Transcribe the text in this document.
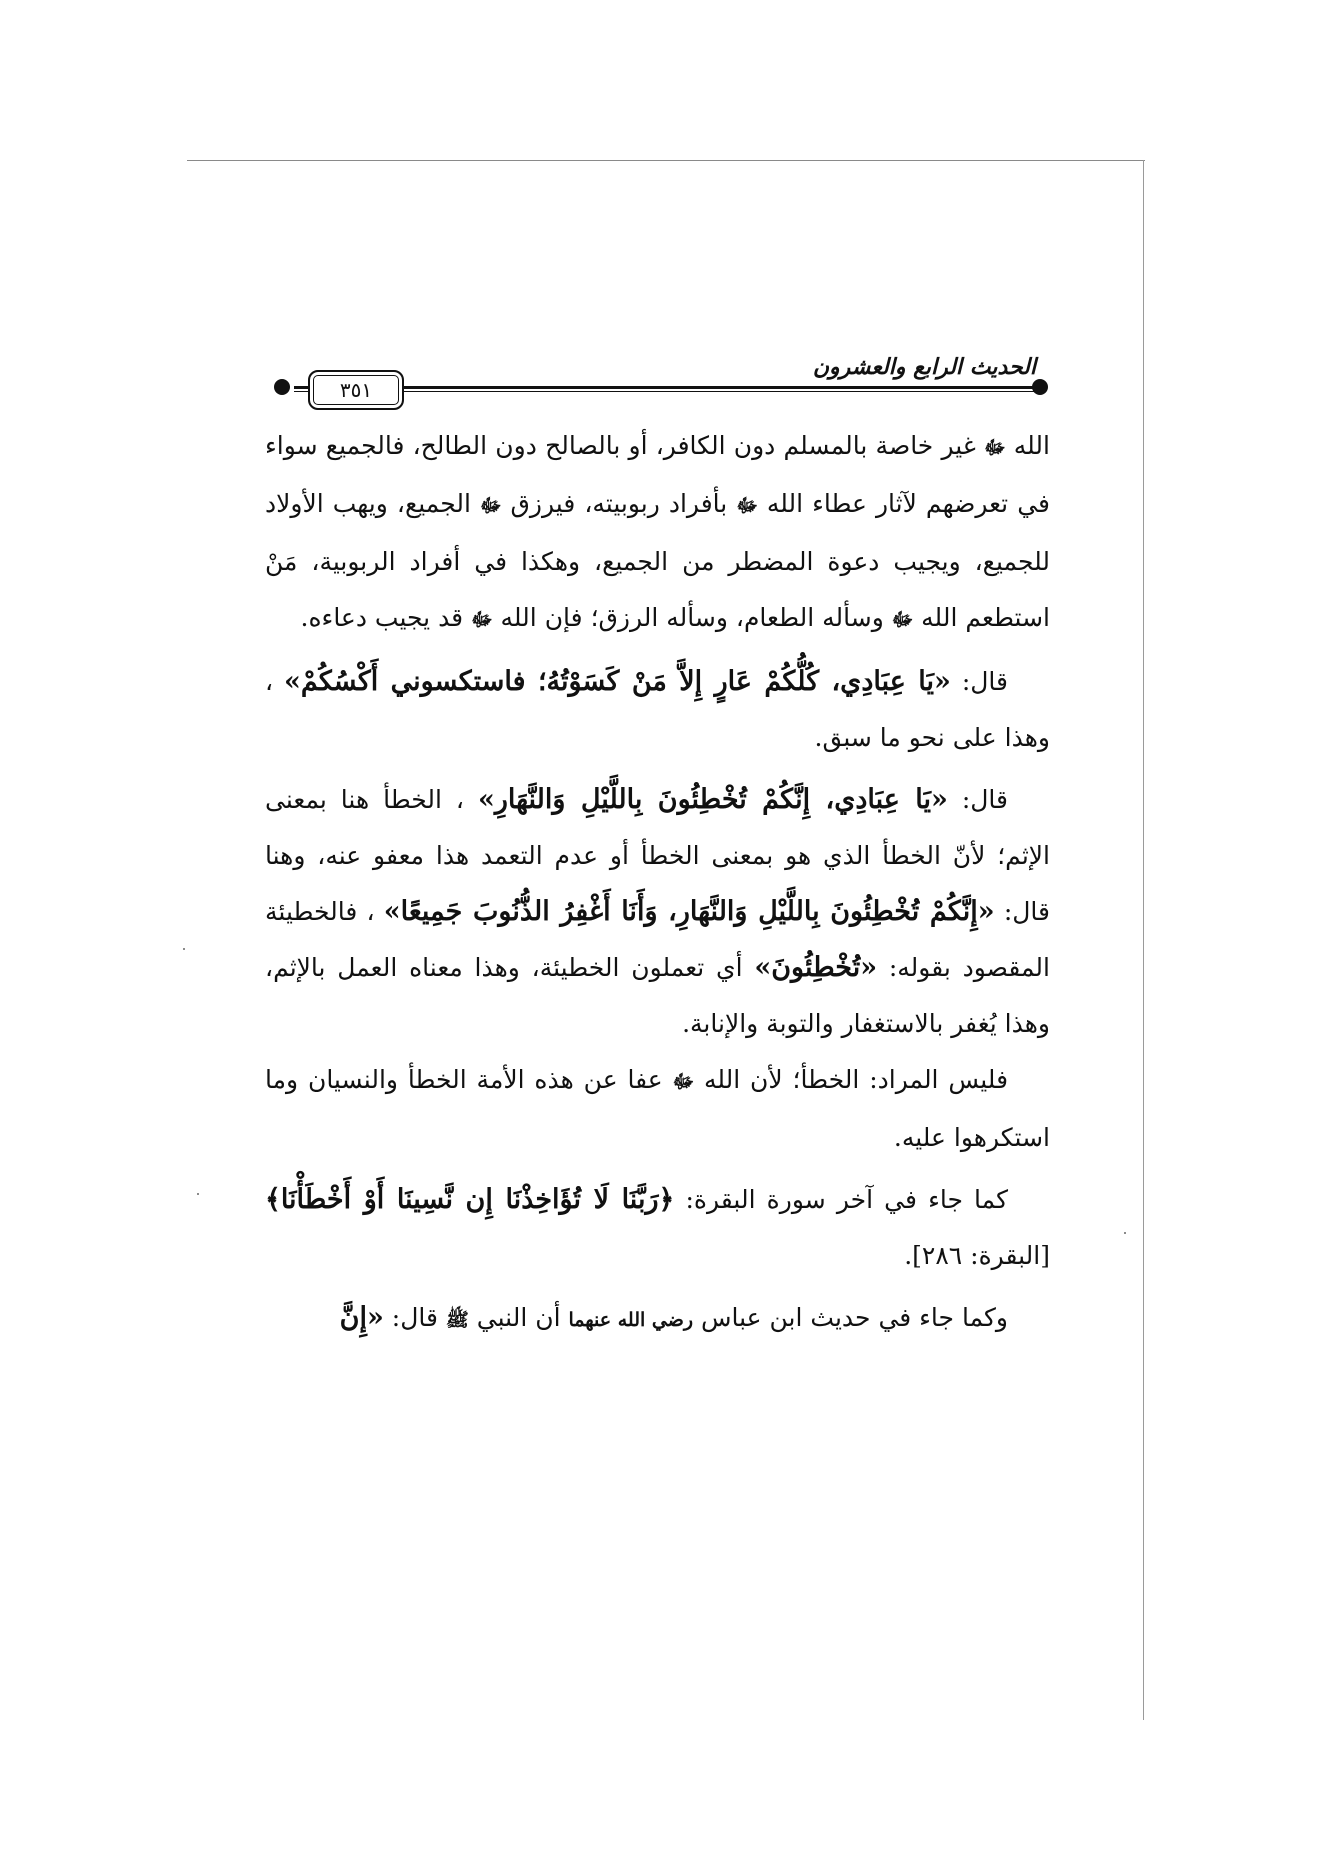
٣٥١
الحديث الرابع والعشرون

الله ﷻ غير خاصة بالمسلم دون الكافر، أو بالصالح دون الطالح، فالجميع سواء في تعرضهم لآثار عطاء الله ﷻ بأفراد ربوبيته، فيرزق ﷻ الجميع، ويهب الأولاد للجميع، ويجيب دعوة المضطر من الجميع، وهكذا في أفراد الربوبية، مَنْ استطعم الله ﷻ وسأله الطعام، وسأله الرزق؛ فإن الله ﷻ قد يجيب دعاءه.

قال: «يَا عِبَادِي، كُلُّكُمْ عَارٍ إِلاَّ مَنْ كَسَوْتُهُ؛ فاستكسوني أَكْسُكُمْ» ، وهذا على نحو ما سبق.

قال: «يَا عِبَادِي، إِنَّكُمْ تُخْطِئُونَ بِاللَّيْلِ وَالنَّهَارِ» ، الخطأ هنا بمعنى الإثم؛ لأنّ الخطأ الذي هو بمعنى الخطأ أو عدم التعمد هذا معفو عنه، وهنا قال: «إِنَّكُمْ تُخْطِئُونَ بِاللَّيْلِ وَالنَّهَارِ، وَأَنَا أَغْفِرُ الذُّنُوبَ جَمِيعًا» ، فالخطيئة المقصود بقوله: «تُخْطِئُونَ» أي تعملون الخطيئة، وهذا معناه العمل بالإثم، وهذا يُغفر بالاستغفار والتوبة والإنابة.

فليس المراد: الخطأ؛ لأن الله ﷻ عفا عن هذه الأمة الخطأ والنسيان وما استكرهوا عليه.

كما جاء في آخر سورة البقرة: ﴿رَبَّنَا لَا تُؤَاخِذْنَا إِن نَّسِينَا أَوْ أَخْطَأْنَا﴾ [البقرة: ٢٨٦].

وكما جاء في حديث ابن عباس رضي الله عنهما أن النبي ﷺ قال: «إِنَّ
